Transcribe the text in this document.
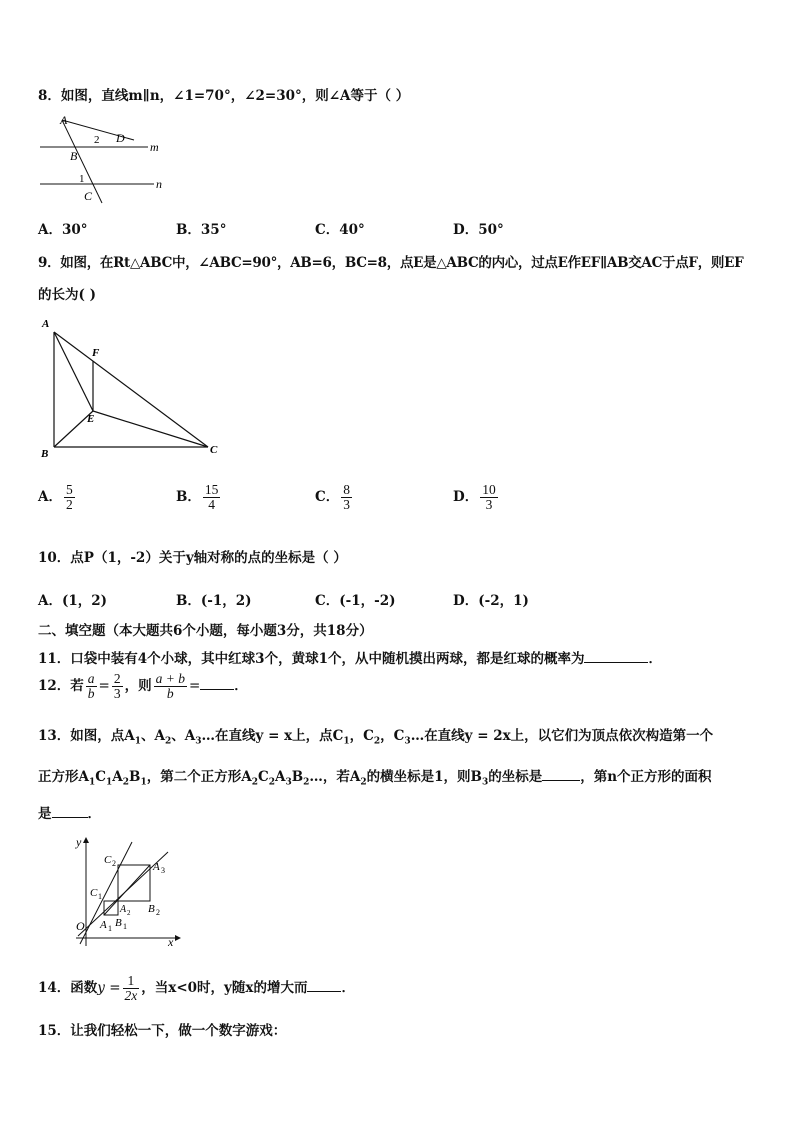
8．如图，直线m∥n，∠1=70°，∠2=30°，则∠A等于（ ）
A
D
B
C
m
n
1
2
A．30°	B．35°	C．40°	D．50°
9．如图，在Rt△ABC中，∠ABC=90°，AB=6，BC=8，点E是△ABC的内心，过点E作EF∥AB交AC于点F，则EF
的长为( )
A
F
E
B	C
A． $\frac{5}{2}$	B． $\frac{15}{4}$	C． $\frac{8}{3}$	D． $\frac{10}{3}$
10．点P（1，-2）关于y轴对称的点的坐标是（ ）
A．(1，2)	B．(-1，2)	C．(-1，-2)	D．(-2，1)
二、填空题（本大题共6个小题，每小题3分，共18分）
11．口袋中装有4个小球，其中红球3个，黄球1个，从中随机摸出两球，都是红球的概率为	．
12．若 $\frac{a}{b} = \frac{2}{3}$ ，则 $\frac{a + b}{b}$ =	．
13．如图，点$A_1$、$A_2$、$A_3\dots$在直线y = x上，点$C_1$，$C_2$，$C_3\dots$在直线y = 2x上，以它们为顶点依次构造第一个
正方形$A_1C_1A_2B_1$，第二个正方形$A_2C_2A_3B_2\dots$，若$A_2$的横坐标是1，则$B_3$的坐标是	，第n个正方形的面积
是	．
y
x
O
C 2	A 3
C 1
B 2
A 2
A 1 B 1
14．函数$y = \frac{1}{2x}$ ，当x<0时，y随x的增大而	．
15．让我们轻松一下，做一个数字游戏：
